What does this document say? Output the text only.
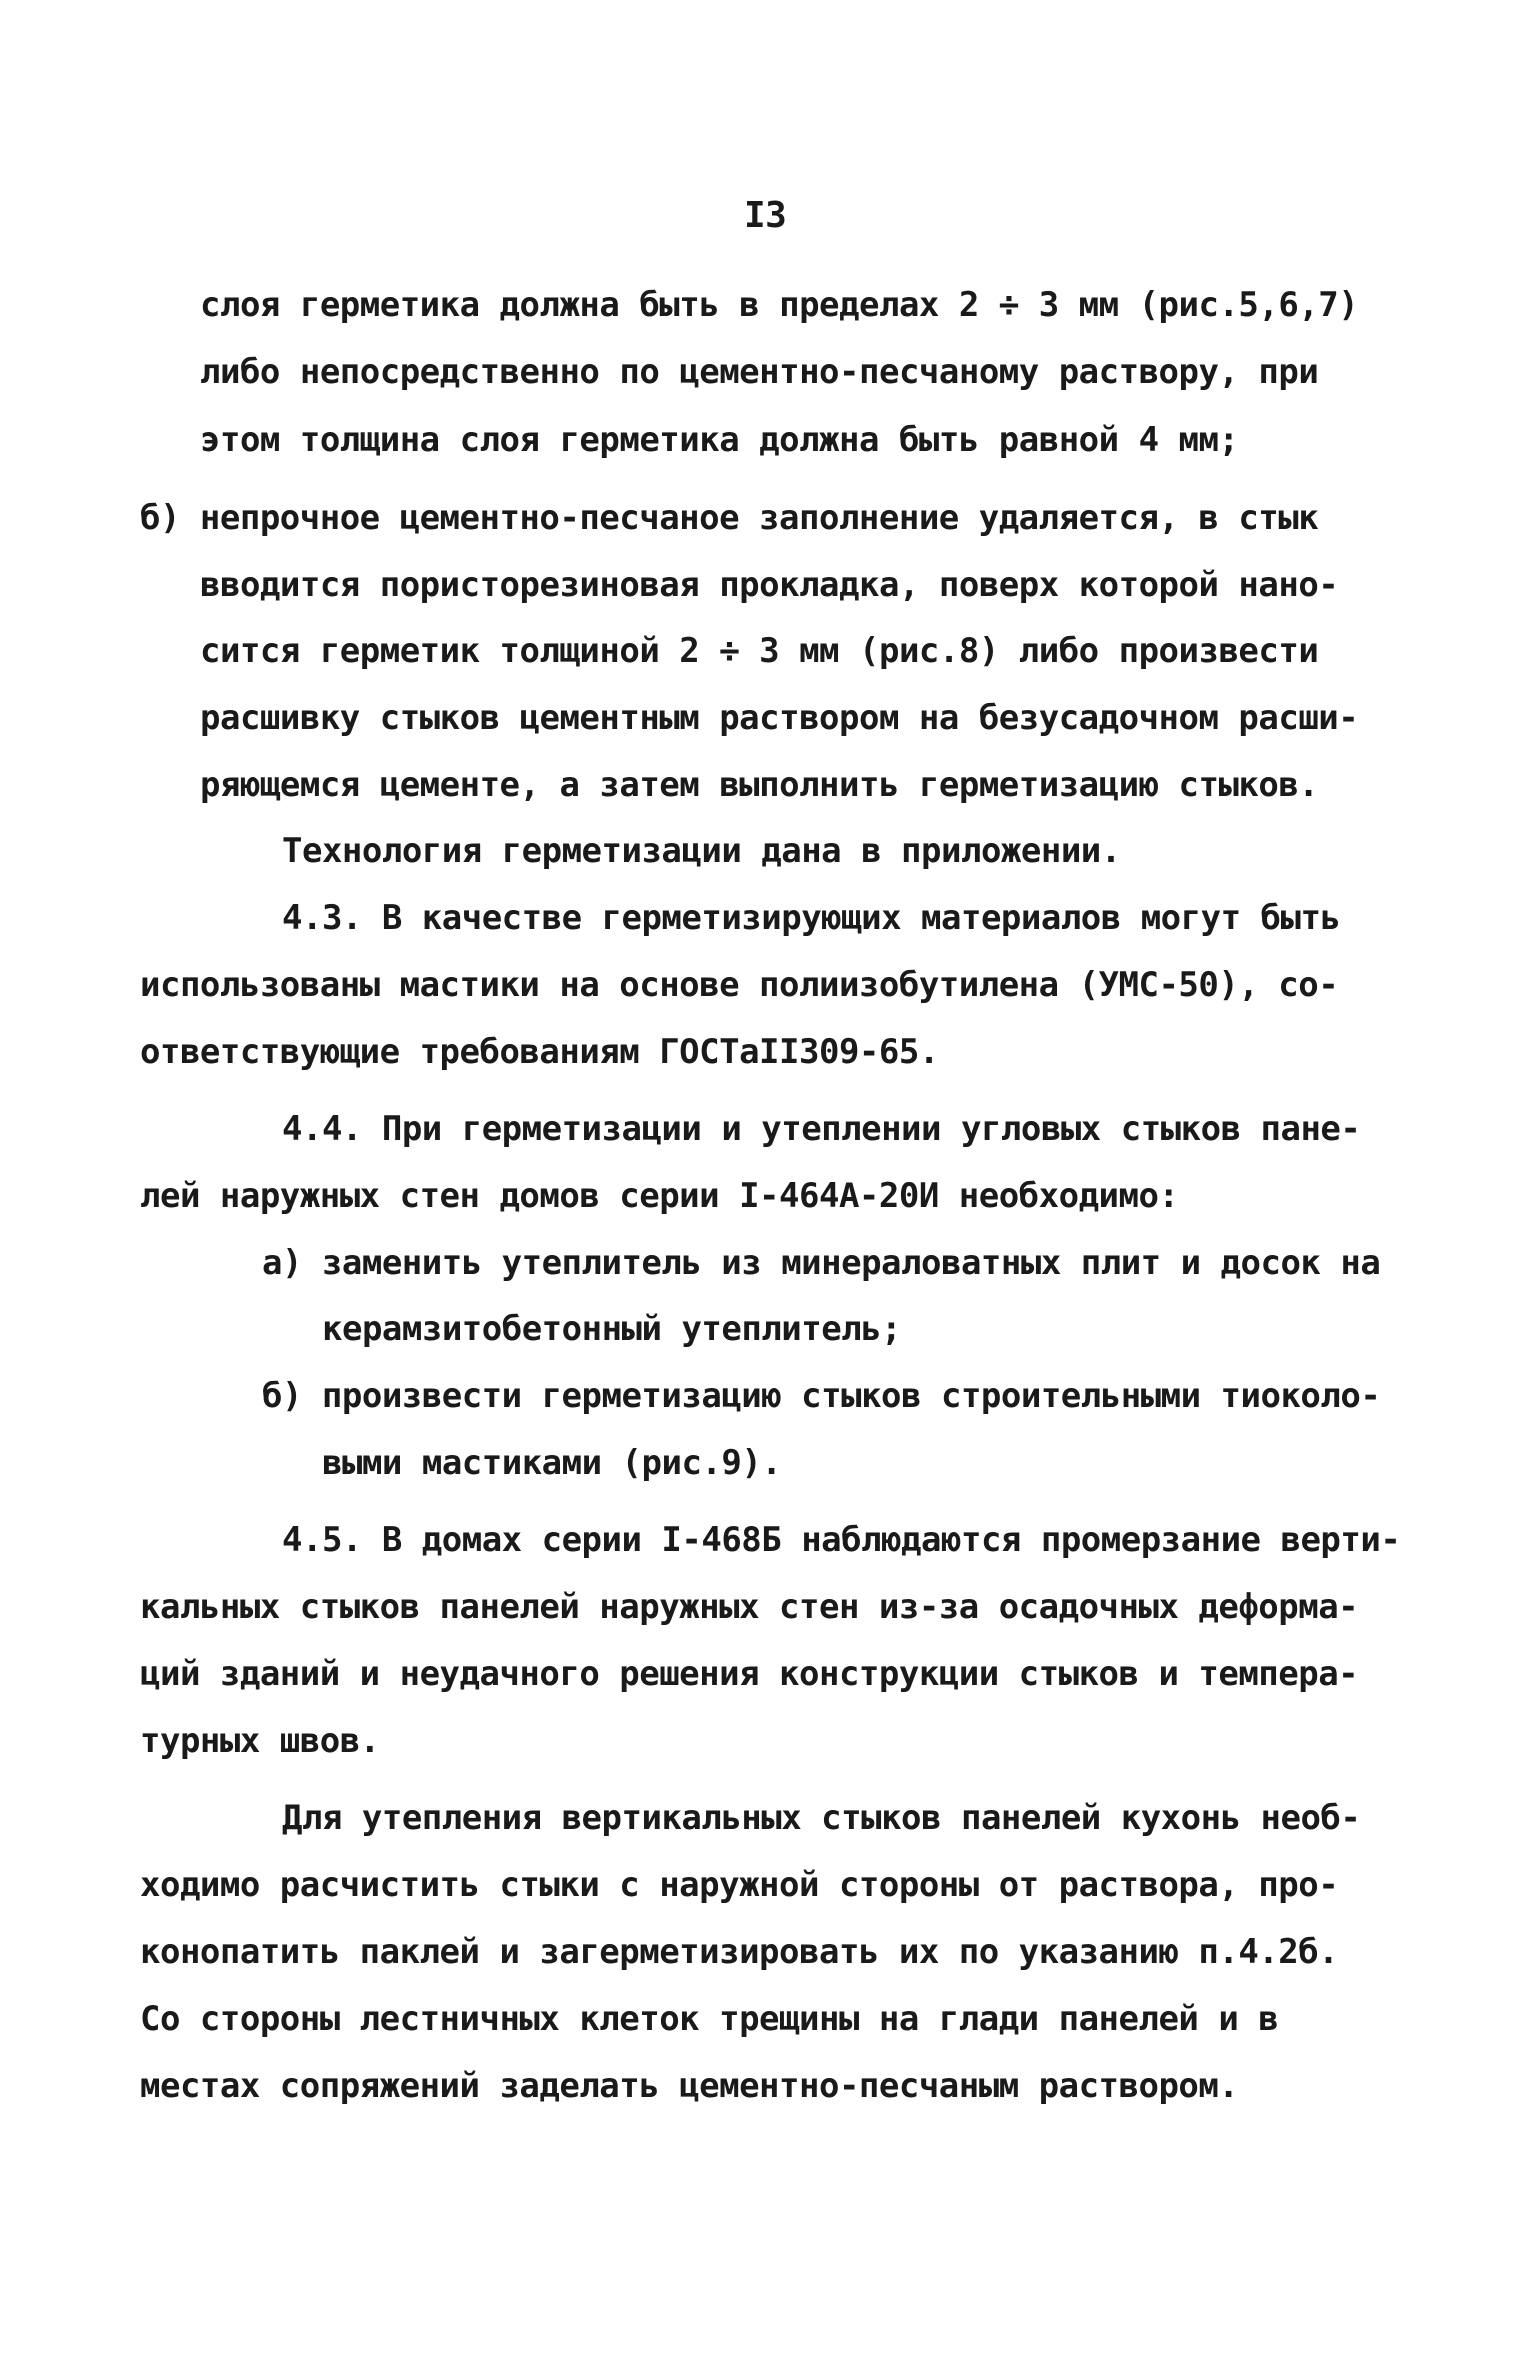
I3
слоя герметика должна быть в пределах 2 ÷ 3 мм (рис.5,6,7)
либо непосредственно по цементно-песчаному раствору, при
этом толщина слоя герметика должна быть равной 4 мм;
б) непрочное цементно-песчаное заполнение удаляется, в стык
вводится пористорезиновая прокладка, поверх которой нано-
сится герметик толщиной 2 ÷ 3 мм (рис.8) либо произвести
расшивку стыков цементным раствором на безусадочном расши-
ряющемся цементе, а затем выполнить герметизацию стыков.
Технология герметизации дана в приложении.
4.3. В качестве герметизирующих материалов могут быть
использованы мастики на основе полиизобутилена (УМС-50), со-
ответствующие требованиям ГОСТаII309-65.
4.4. При герметизации и утеплении угловых стыков пане-
лей наружных стен домов серии I-464А-20И необходимо:
а) заменить утеплитель из минераловатных плит и досок на
керамзитобетонный утеплитель;
б) произвести герметизацию стыков строительными тиоколо-
выми мастиками (рис.9).
4.5. В домах серии I-468Б наблюдаются промерзание верти-
кальных стыков панелей наружных стен из-за осадочных деформа-
ций зданий и неудачного решения конструкции стыков и темпера-
турных швов.
Для утепления вертикальных стыков панелей кухонь необ-
ходимо расчистить стыки с наружной стороны от раствора, про-
конопатить паклей и загерметизировать их по указанию п.4.2б.
Со стороны лестничных клеток трещины на глади панелей и в
местах сопряжений заделать цементно-песчаным раствором.
